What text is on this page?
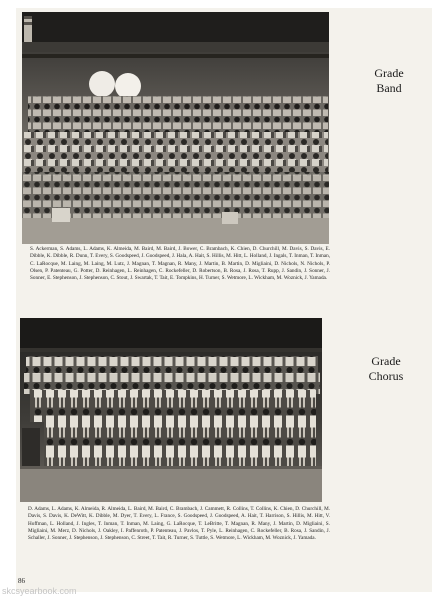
S. Ackerman, S. Adams, L. Adams, K. Almeida, M. Baird, M. Baird, J. Bower, C. Brambach, K. Chien, D. Churchill, M. Davis, S. Davis, E. Dibble, K. Dibble, R. Dunn, T. Every, S. Goodspeed, J. Goodspeed, J. Hala, A. Hait, S. Hillis, M. Hitt, L. Holland, J. Ingals, T. Inman, T. Inman, C. LaRocque, M. Laing, M. Laing, M. Lutz, J. Magnan, T. Magnan, R. Many, J. Martin, B. Martin, D. Migliaini, D. Nichols, N. Nichols, P. Olsen, P. Patenteau, G. Potter, D. Reinhagen, L. Reinhagen, C. Rockefeller, D. Robertson, B. Rosa, J. Rosa, T. Rupp, J. Sandin, J. Sonner, J. Sonner, E. Stephenson, J. Stephenson, C. Stout, J. Swartak, T. Tait, E. Tompkins, H. Turner, S. Wetmore, L. Wickham, M. Woznick, J. Yamada.

Grade
Band

D. Adams, L. Adams, K. Almeida, R. Almeida, L. Baird, M. Baird, C. Brambach, J. Cammett, R. Collins, T. Collins, K. Chien, D. Churchill, M. Davis, S. Davis, K. DeWitt, K. Dibble, M. Dyer, T. Every, L. France, S. Goodspeed, J. Goodspeed, A. Hait, T. Harrison, S. Hillis, M. Hitt, V. Hoffman, L. Holland, J. Ingles, T. Inman, T. Inman, M. Laing, G. LaRocque, T. LeBritte, T. Magnan, R. Many, J. Martin, D. Migliaini, S. Migliaini, M. Merz, D. Nichols, J. Oakley, I. Paffenroth, P. Patenteau, J. Pavlos, T. Pyle, L. Reinhagen, C. Rockefeller, B. Rosa, J. Sandin, J. Schaller, J. Sonner, J. Stephenson, J. Stephenson, C. Street, T. Tait, R. Turner, S. Tuttle, S. Wetmore, L. Wickham, M. Woznick, J. Yamada.

Grade
Chorus
86
skcsyearbook.com
